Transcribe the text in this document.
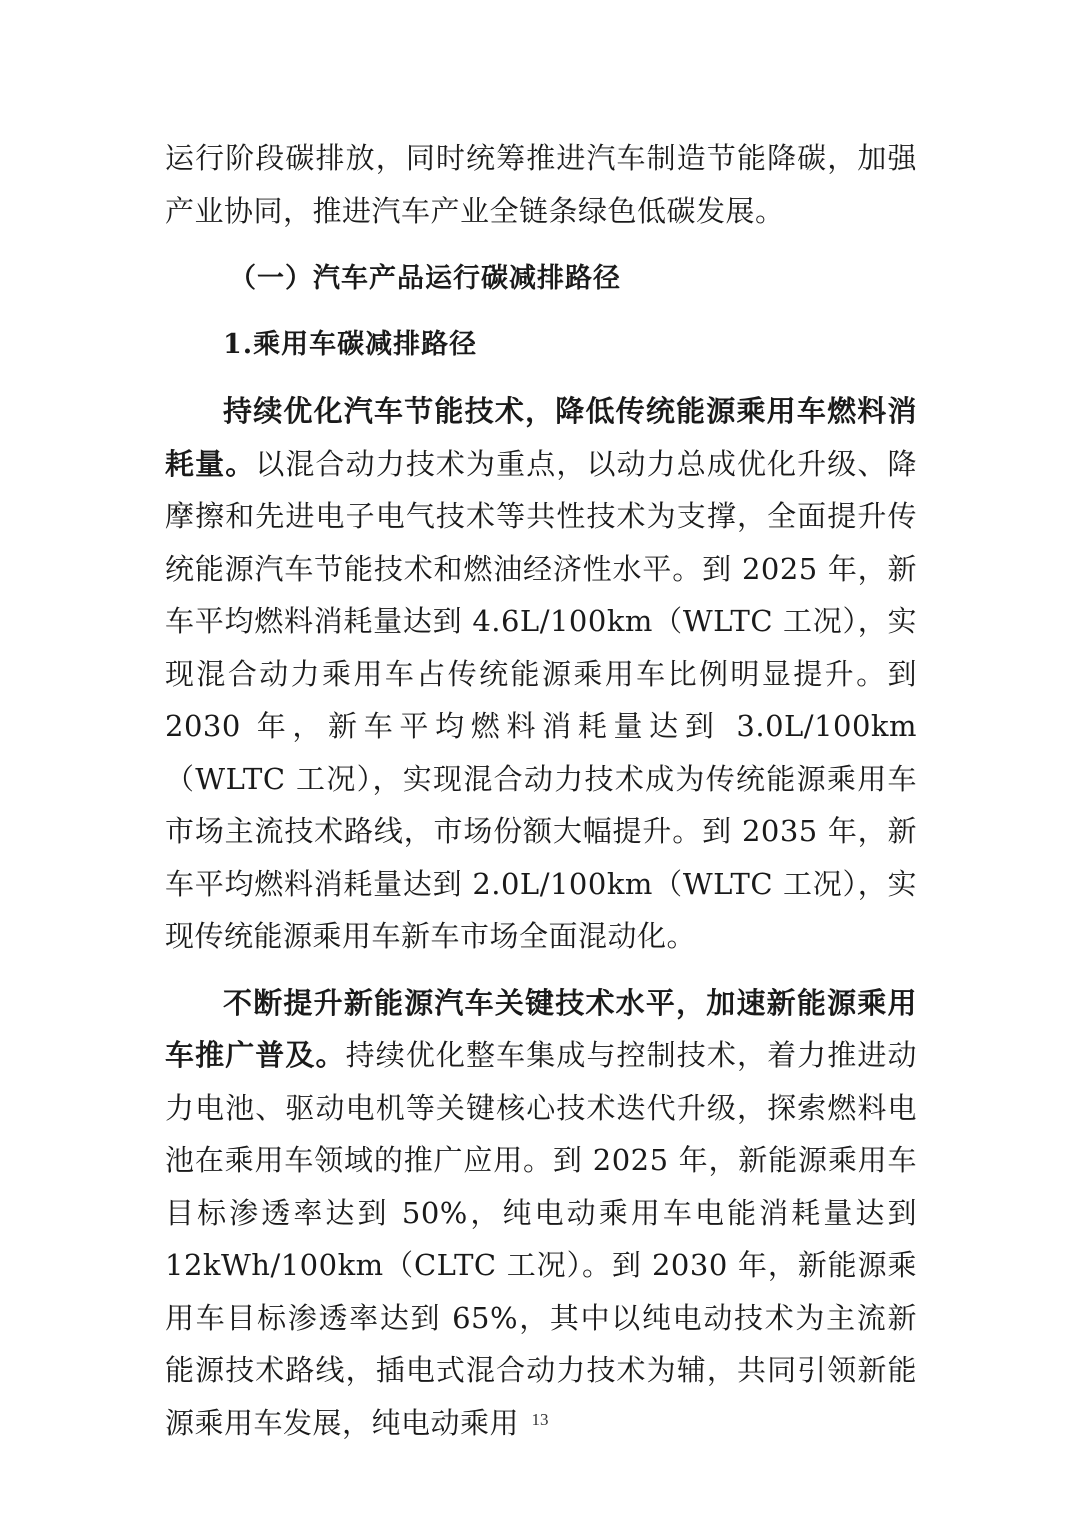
运行阶段碳排放，同时统筹推进汽车制造节能降碳，加强产业协同，推进汽车产业全链条绿色低碳发展。

（一）汽车产品运行碳减排路径

1.乘用车碳减排路径

持续优化汽车节能技术，降低传统能源乘用车燃料消耗量。以混合动力技术为重点，以动力总成优化升级、降摩擦和先进电子电气技术等共性技术为支撑，全面提升传统能源汽车节能技术和燃油经济性水平。到 2025 年，新车平均燃料消耗量达到 4.6L/100km（WLTC 工况），实现混合动力乘用车占传统能源乘用车比例明显提升。到 2030 年，新车平均燃料消耗量达到 3.0L/100km（WLTC 工况），实现混合动力技术成为传统能源乘用车市场主流技术路线，市场份额大幅提升。到 2035 年，新车平均燃料消耗量达到 2.0L/100km（WLTC 工况），实现传统能源乘用车新车市场全面混动化。

不断提升新能源汽车关键技术水平，加速新能源乘用车推广普及。持续优化整车集成与控制技术，着力推进动力电池、驱动电机等关键核心技术迭代升级，探索燃料电池在乘用车领域的推广应用。到 2025 年，新能源乘用车目标渗透率达到 50%，纯电动乘用车电能消耗量达到 12kWh/100km（CLTC 工况）。到 2030 年，新能源乘用车目标渗透率达到 65%，其中以纯电动技术为主流新能源技术路线，插电式混合动力技术为辅，共同引领新能源乘用车发展，纯电动乘用 13
